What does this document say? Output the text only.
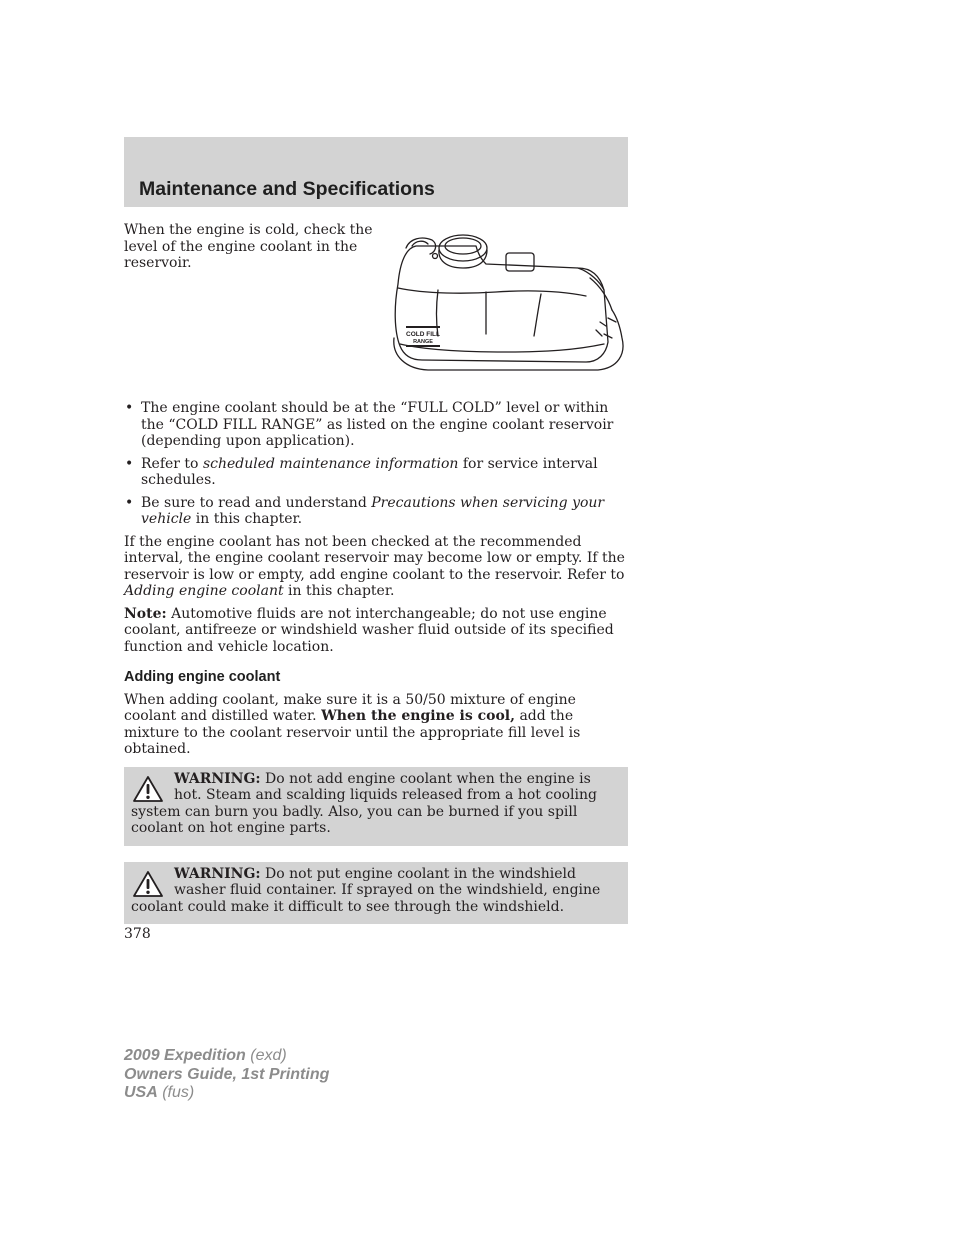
Maintenance and Specifications

When the engine is cold, check the level of the engine coolant in the reservoir.

COLD FILL
RANGE
• The engine coolant should be at the “FULL COLD” level or within the “COLD FILL RANGE” as listed on the engine coolant reservoir (depending upon application).
• Refer to scheduled maintenance information for service interval schedules.
• Be sure to read and understand Precautions when servicing your vehicle in this chapter.

If the engine coolant has not been checked at the recommended interval, the engine coolant reservoir may become low or empty. If the reservoir is low or empty, add engine coolant to the reservoir. Refer to Adding engine coolant in this chapter.

Note: Automotive fluids are not interchangeable; do not use engine coolant, antifreeze or windshield washer fluid outside of its specified function and vehicle location.

Adding engine coolant

When adding coolant, make sure it is a 50/50 mixture of engine coolant and distilled water. When the engine is cool, add the mixture to the coolant reservoir until the appropriate fill level is obtained.

WARNING: Do not add engine coolant when the engine is hot. Steam and scalding liquids released from a hot cooling system can burn you badly. Also, you can be burned if you spill coolant on hot engine parts.
WARNING: Do not put engine coolant in the windshield washer fluid container. If sprayed on the windshield, engine coolant could make it difficult to see through the windshield.
378
2009 Expedition (exd)
Owners Guide, 1st Printing
USA (fus)
